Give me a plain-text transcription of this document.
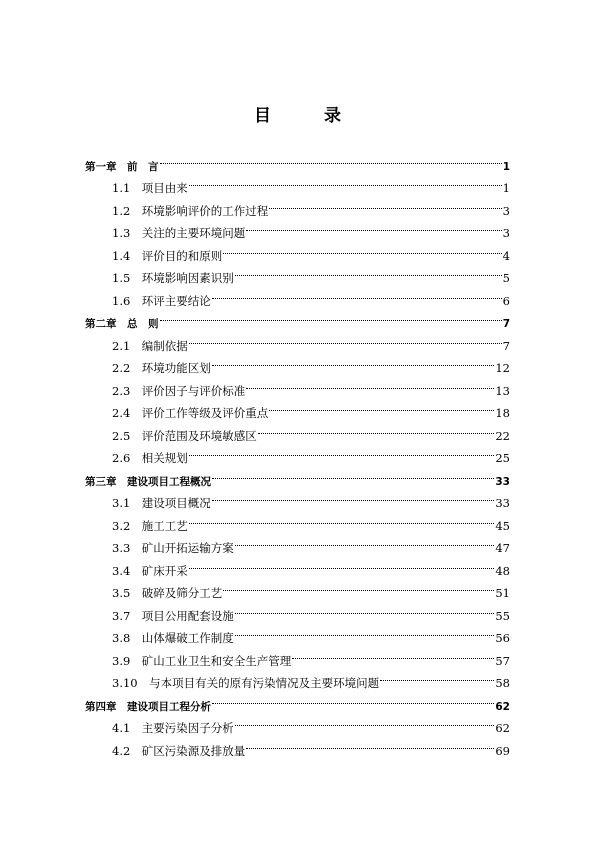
目　录
第一章　前　言	1
1.1　项目由来	1
1.2　环境影响评价的工作过程	3
1.3　关注的主要环境问题	3
1.4　评价目的和原则	4
1.5　环境影响因素识别	5
1.6　环评主要结论	6
第二章　总　则	7
2.1　编制依据	7
2.2　环境功能区划	12
2.3　评价因子与评价标准	13
2.4　评价工作等级及评价重点	18
2.5　评价范围及环境敏感区	22
2.6　相关规划	25
第三章　建设项目工程概况	33
3.1　建设项目概况	33
3.2　施工工艺	45
3.3　矿山开拓运输方案	47
3.4　矿床开采	48
3.5　破碎及筛分工艺	51
3.7　项目公用配套设施	55
3.8　山体爆破工作制度	56
3.9　矿山工业卫生和安全生产管理	57
3.10　与本项目有关的原有污染情况及主要环境问题	58
第四章　建设项目工程分析	62
4.1　主要污染因子分析	62
4.2　矿区污染源及排放量	69
